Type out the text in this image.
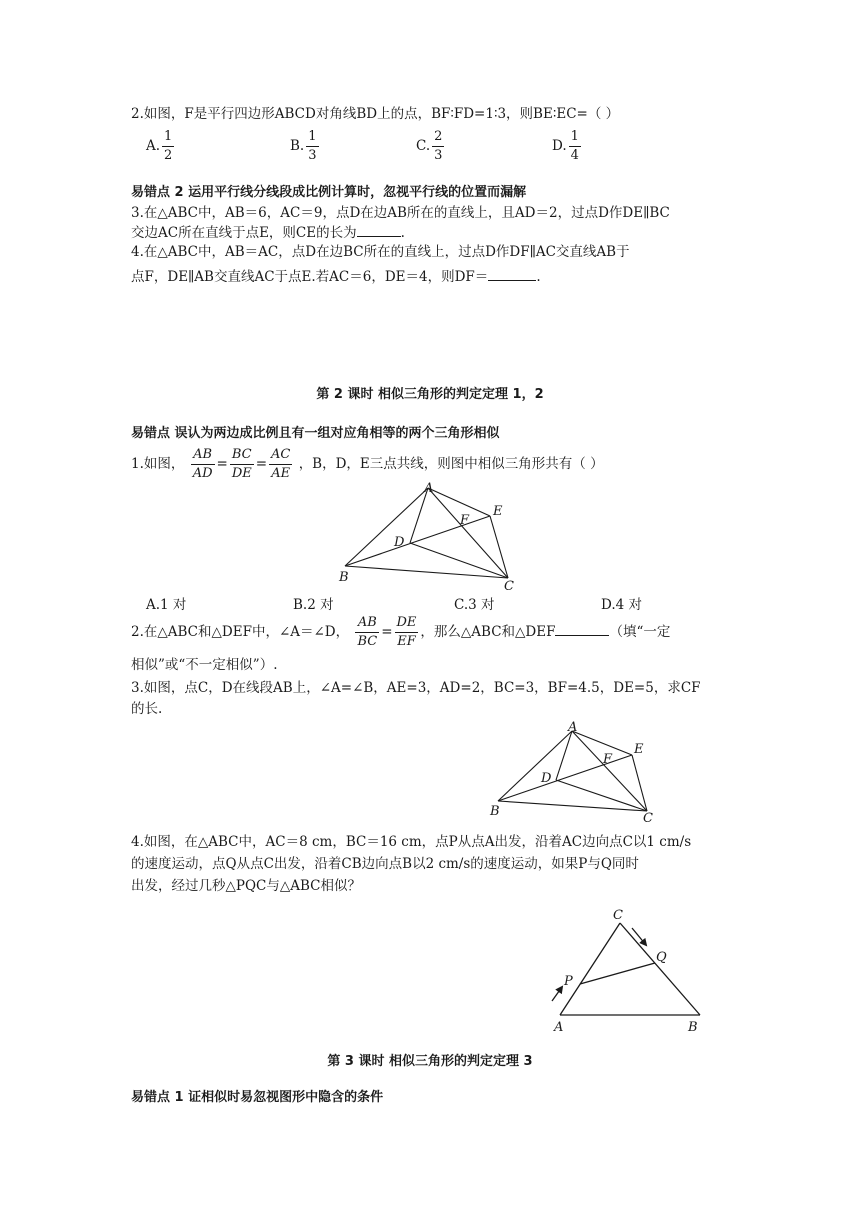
2.如图，F是平行四边形ABCD对角线BD上的点，BF∶FD=1∶3，则BE∶EC=（ ）
A. $\frac{1}{2}$	B. $\frac{1}{3}$	C. $\frac{2}{3}$	D. $\frac{1}{4}$
易错点 2 运用平行线分线段成比例计算时，忽视平行线的位置而漏解
3.在△ABC中，AB＝6，AC＝9，点D在边AB所在的直线上，且AD＝2，过点D作DE∥BC
交边AC所在直线于点E，则CE的长为	.
4.在△ABC中，AB＝AC，点D在边BC所在的直线上，过点D作DF∥AC交直线AB于
点F，DE∥AB交直线AC于点E.若AC＝6，DE＝4，则DF＝	.
第 2 课时 相似三角形的判定定理 1，2
易错点 误认为两边成比例且有一组对应角相等的两个三角形相似
1.如图， $\frac{AB}{AD} = \frac{BC}{DE} = \frac{AC}{AE}$ ，B，D，E三点共线，则图中相似三角形共有（ ）
A
B
C
D
E
F
A.1 对	B.2 对	C.3 对	D.4 对
2.在△ABC和△DEF中，∠A＝∠D， $\frac{AB}{BC} = \frac{DE}{EF}$ ，那么△ABC和△DEF	（填“一定
相似”或“不一定相似”）.
3.如图，点C，D在线段AB上，∠A=∠B，AE=3，AD=2，BC=3，BF=4.5，DE=5，求CF
的长.
A
B	C
D
E
F
4.如图，在△ABC中，AC＝8 cm，BC＝16 cm，点P从点A出发，沿着AC边向点C以1 cm/s
的速度运动，点Q从点C出发，沿着CB边向点B以2 cm/s的速度运动，如果P与Q同时
出发，经过几秒△PQC与△ABC相似？
C
P
Q
A	B
第 3 课时 相似三角形的判定定理 3
易错点 1 证相似时易忽视图形中隐含的条件
